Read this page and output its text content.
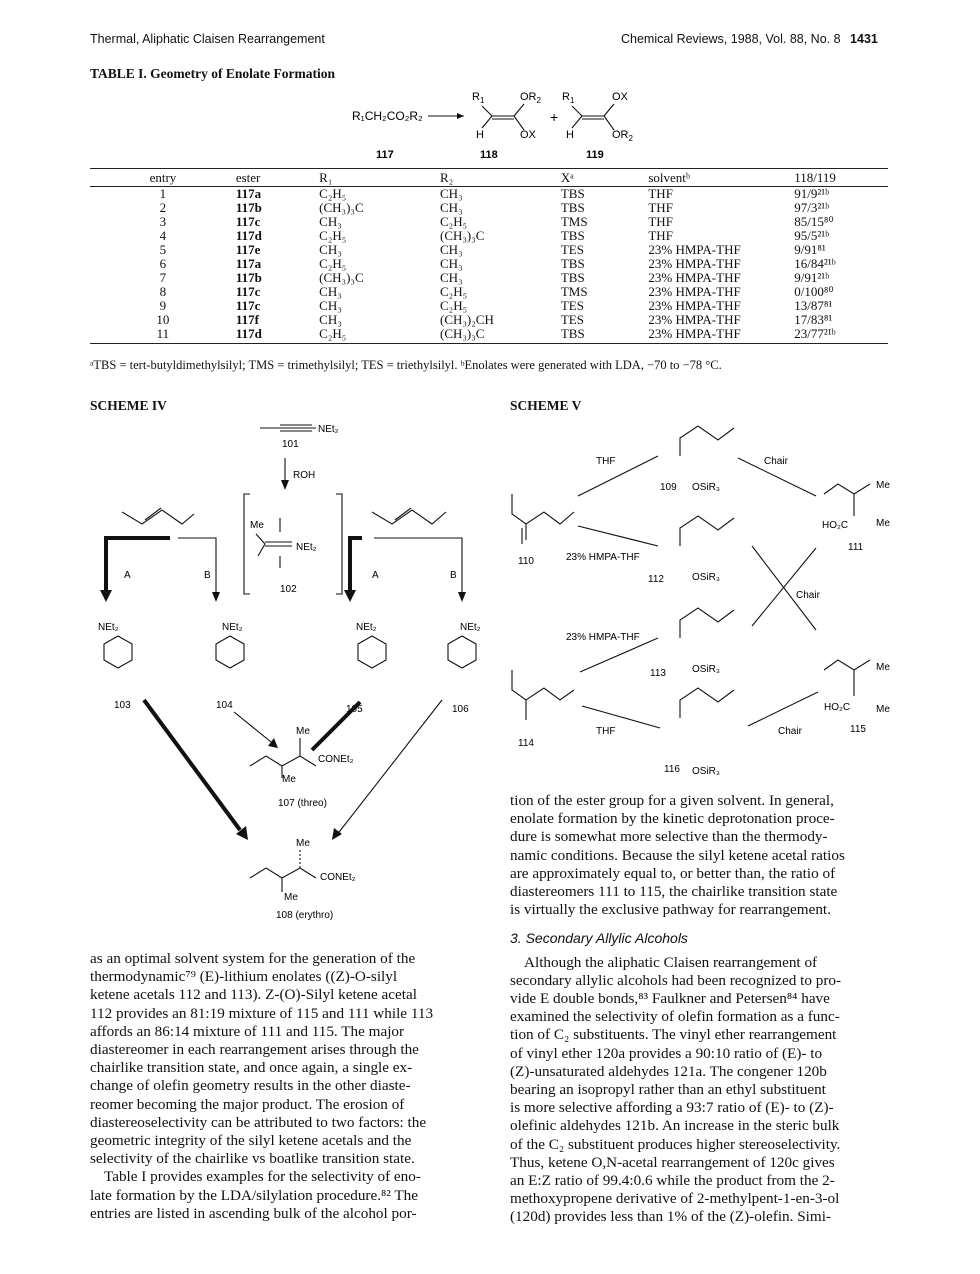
Thermal, Aliphatic Claisen Rearrangement	Chemical Reviews, 1988, Vol. 88, No. 8 1431
TABLE I. Geometry of Enolate Formation
R₁CH₂CO₂R₂
$R_1$	$OR_2$
H	OX
+
$R_1$	OX
H	$OR_2$
117	118	119
entry	ester	R₁	R₂	Xᵃ	solventᵇ	118/119
1	117a	C₂H₅	CH₃	TBS	THF	91/9²¹ᵇ
2	117b	(CH₃)₃C	CH₃	TBS	THF	97/3²¹ᵇ
3	117c	CH₃	C₂H₅	TMS	THF	85/15⁸⁰
4	117d	C₂H₅	(CH₃)₃C	TBS	THF	95/5²¹ᵇ
5	117e	CH₃	CH₃	TES	23% HMPA-THF	9/91⁸¹
6	117a	C₂H₅	CH₃	TBS	23% HMPA-THF	16/84²¹ᵇ
7	117b	(CH₃)₃C	CH₃	TBS	23% HMPA-THF	9/91²¹ᵇ
8	117c	CH₃	C₂H₅	TMS	23% HMPA-THF	0/100⁸⁰
9	117c	CH₃	C₂H₅	TES	23% HMPA-THF	13/87⁸¹
10	117f	CH₃	(CH₃)₂CH	TES	23% HMPA-THF	17/83⁸¹
11	117d	C₂H₅	(CH₃)₃C	TBS	23% HMPA-THF	23/77²¹ᵇ
ᵃTBS = tert-butyldimethylsilyl; TMS = trimethylsilyl; TES = triethylsilyl. ᵇEnolates were generated with LDA, −70 to −78 °C.
SCHEME IV
NEt₂
101
ROH
NEt₂
Me
102
A	B	A	B
NEt₂	NEt₂	NEt₂	NEt₂
103	104	105	106
Me
CONEt₂
Me
107 (threo)
Me
CONEt₂
Me
108 (erythro)
SCHEME V
THF
23% HMPA-THF
23% HMPA-THF
THF
Chair
Chair
Chair
OSiR₃
OSiR₃
OSiR₃
OSiR₃
109
110
111
112
113
114
115
116
Me
Me
HO₂C
Me
Me
HO₂C
as an optimal solvent system for the generation of the
thermodynamic⁷⁹ (E)-lithium enolates ((Z)-O-silyl
ketene acetals 112 and 113). Z-(O)-Silyl ketene acetal
112 provides an 81:19 mixture of 115 and 111 while 113
affords an 86:14 mixture of 111 and 115. The major
diastereomer in each rearrangement arises through the
chairlike transition state, and once again, a single ex-
change of olefin geometry results in the other diaste-
reomer becoming the major product. The erosion of
diastereoselectivity can be attributed to two factors: the
geometric integrity of the silyl ketene acetals and the
selectivity of the chairlike vs boatlike transition state.
Table I provides examples for the selectivity of eno-
late formation by the LDA/silylation procedure.⁸² The
entries are listed in ascending bulk of the alcohol por-
tion of the ester group for a given solvent. In general,
enolate formation by the kinetic deprotonation proce-
dure is somewhat more selective than the thermody-
namic conditions. Because the silyl ketene acetal ratios
are approximately equal to, or better than, the ratio of
diastereomers 111 to 115, the chairlike transition state
is virtually the exclusive pathway for rearrangement.
3. Secondary Allylic Alcohols
Although the aliphatic Claisen rearrangement of
secondary allylic alcohols had been recognized to pro-
vide E double bonds,⁸³ Faulkner and Petersen⁸⁴ have
examined the selectivity of olefin formation as a func-
tion of C₂ substituents. The vinyl ether rearrangement
of vinyl ether 120a provides a 90:10 ratio of (E)- to
(Z)-unsaturated aldehydes 121a. The congener 120b
bearing an isopropyl rather than an ethyl substituent
is more selective affording a 93:7 ratio of (E)- to (Z)-
olefinic aldehydes 121b. An increase in the steric bulk
of the C₂ substituent produces higher stereoselectivity.
Thus, ketene O,N-acetal rearrangement of 120c gives
an E:Z ratio of 99.4:0.6 while the product from the 2-
methoxypropene derivative of 2-methylpent-1-en-3-ol
(120d) provides less than 1% of the (Z)-olefin. Simi-
